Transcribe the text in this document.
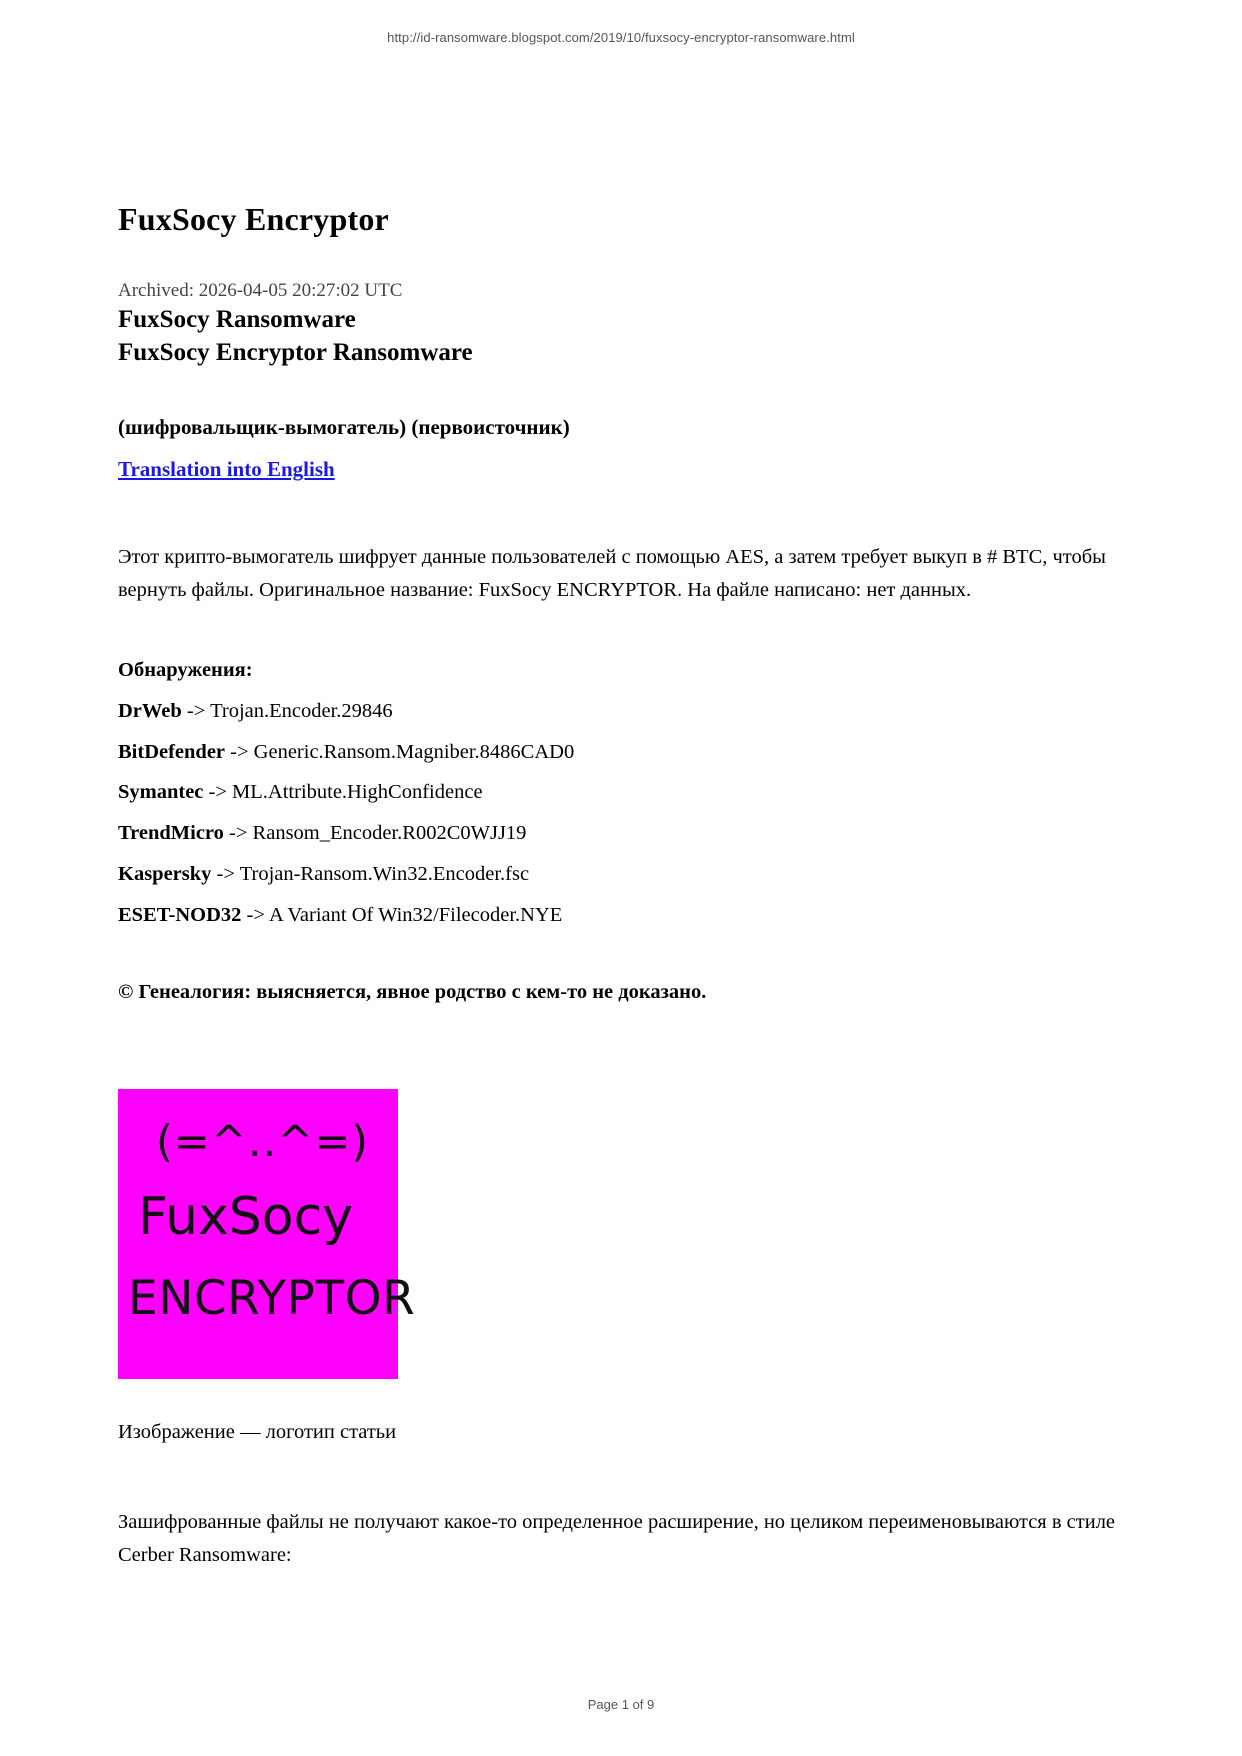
http://id-ransomware.blogspot.com/2019/10/fuxsocy-encryptor-ransomware.html
FuxSocy Encryptor
Archived: 2026-04-05 20:27:02 UTC
FuxSocy Ransomware
FuxSocy Encryptor Ransomware
(шифровальщик-вымогатель) (первоисточник)
Translation into English

Этот крипто-вымогатель шифрует данные пользователей с помощью AES, а затем требует выкуп в # BTC, чтобы вернуть файлы. Оригинальное название: FuxSocy ENCRYPTOR. На файле написано: нет данных.

Обнаружения:
DrWeb -> Trojan.Encoder.29846
BitDefender -> Generic.Ransom.Magniber.8486CAD0
Symantec -> ML.Attribute.HighConfidence
TrendMicro -> Ransom_Encoder.R002C0WJJ19
Kaspersky -> Trojan-Ransom.Win32.Encoder.fsc
ESET-NOD32 -> A Variant Of Win32/Filecoder.NYE
© Генеалогия: выясняется, явное родство с кем-то не доказано.
(=^..^=)
FuxSocy
ENCRYPTOR
Изображение — логотип статьи

Зашифрованные файлы не получают какое-то определенное расширение, но целиком переименовываются в стиле Cerber Ransomware:

Page 1 of 9
